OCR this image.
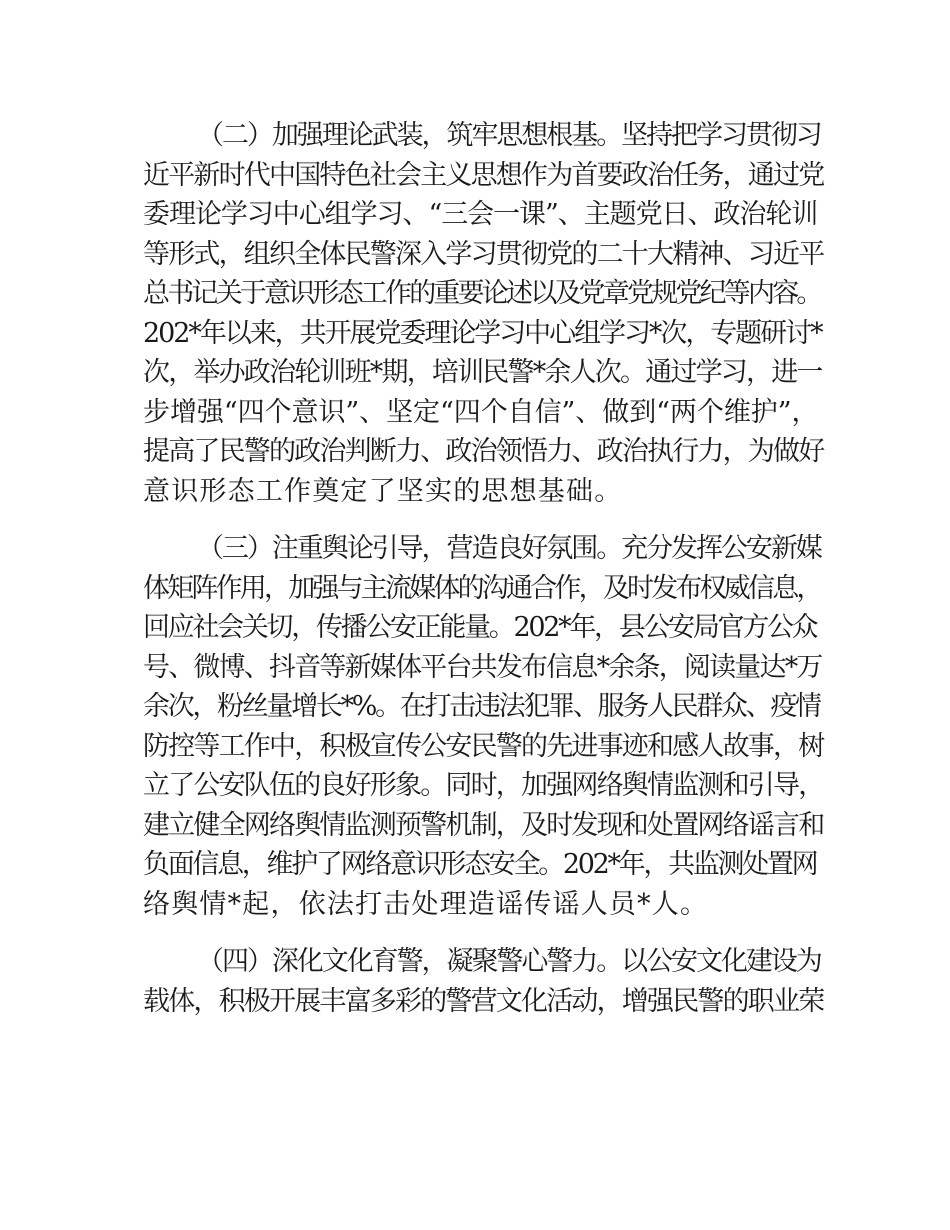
（二）加强理论武装，筑牢思想根基。坚持把学习贯彻习
近平新时代中国特色社会主义思想作为首要政治任务，通过党
委理论学习中心组学习、“三会一课”、主题党日、政治轮训
等形式，组织全体民警深入学习贯彻党的二十大精神、习近平
总书记关于意识形态工作的重要论述以及党章党规党纪等内容。
202*年以来，共开展党委理论学习中心组学习*次，专题研讨*
次，举办政治轮训班*期，培训民警*余人次。通过学习，进一
步增强“四个意识”、坚定“四个自信”、做到“两个维护”，
提高了民警的政治判断力、政治领悟力、政治执行力，为做好
意识形态工作奠定了坚实的思想基础。
（三）注重舆论引导，营造良好氛围。充分发挥公安新媒
体矩阵作用，加强与主流媒体的沟通合作，及时发布权威信息，
回应社会关切，传播公安正能量。202*年，县公安局官方公众
号、微博、抖音等新媒体平台共发布信息*余条，阅读量达*万
余次，粉丝量增长*%。在打击违法犯罪、服务人民群众、疫情
防控等工作中，积极宣传公安民警的先进事迹和感人故事，树
立了公安队伍的良好形象。同时，加强网络舆情监测和引导，
建立健全网络舆情监测预警机制，及时发现和处置网络谣言和
负面信息，维护了网络意识形态安全。202*年，共监测处置网
络舆情*起，依法打击处理造谣传谣人员*人。
（四）深化文化育警，凝聚警心警力。以公安文化建设为
载体，积极开展丰富多彩的警营文化活动，增强民警的职业荣
